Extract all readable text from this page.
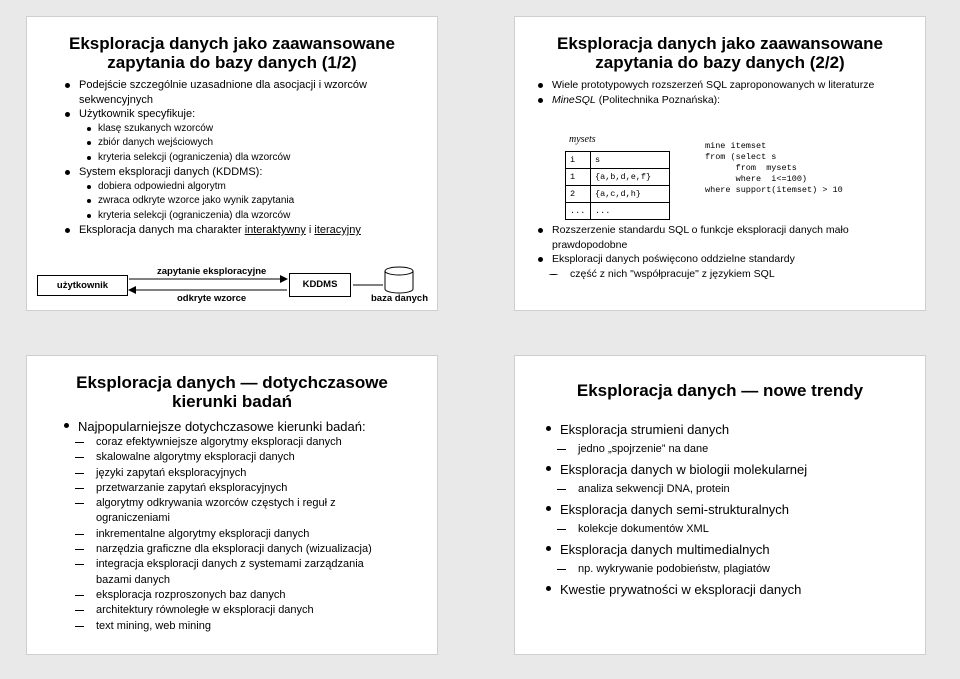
Eksploracja danych jako zaawansowane
zapytania do bazy danych (1/2)
Podejście szczególnie uzasadnione dla asocjacji i wzorców sekwencyjnych
Użytkownik specyfikuje:
klasę szukanych wzorców
zbiór danych wejściowych
kryteria selekcji (ograniczenia) dla wzorców
System eksploracji danych (KDDMS):
dobiera odpowiedni algorytm
zwraca odkryte wzorce jako wynik zapytania
kryteria selekcji (ograniczenia) dla wzorców
Eksploracja danych ma charakter interaktywny i iteracyjny
użytkownik
zapytanie eksploracyjne
odkryte wzorce
KDDMS
baza danych
Eksploracja danych jako zaawansowane
zapytania do bazy danych (2/2)
Wiele prototypowych rozszerzeń SQL zaproponowanych w literaturze
MineSQL (Politechnika Poznańska):
mysets
i	s
1	{a,b,d,e,f}
2	{a,c,d,h}
...	...
mine itemset
from (select s
from  mysets
where  i<=100)
where support(itemset) > 10
Rozszerzenie standardu SQL o funkcje eksploracji danych mało prawdopodobne
Eksploracji danych poświęcono oddzielne standardy
część z nich "współpracuje" z językiem SQL
Eksploracja danych — dotychczasowe
kierunki badań
Najpopularniejsze dotychczasowe kierunki badań:
coraz efektywniejsze algorytmy eksploracji danych
skalowalne algorytmy eksploracji danych
języki zapytań eksploracyjnych
przetwarzanie zapytań eksploracyjnych
algorytmy odkrywania wzorców częstych i reguł z ograniczeniami
inkrementalne algorytmy eksploracji danych
narzędzia graficzne dla eksploracji danych (wizualizacja)
integracja eksploracji danych z systemami zarządzania bazami danych
eksploracja rozproszonych baz danych
architektury równoległe w eksploracji danych
text mining, web mining
Eksploracja danych — nowe trendy
Eksploracja strumieni danych
jedno „spojrzenie” na dane
Eksploracja danych w biologii molekularnej
analiza sekwencji DNA, protein
Eksploracja danych semi-strukturalnych
kolekcje dokumentów XML
Eksploracja danych multimedialnych
np. wykrywanie podobieństw, plagiatów
Kwestie prywatności w eksploracji danych
